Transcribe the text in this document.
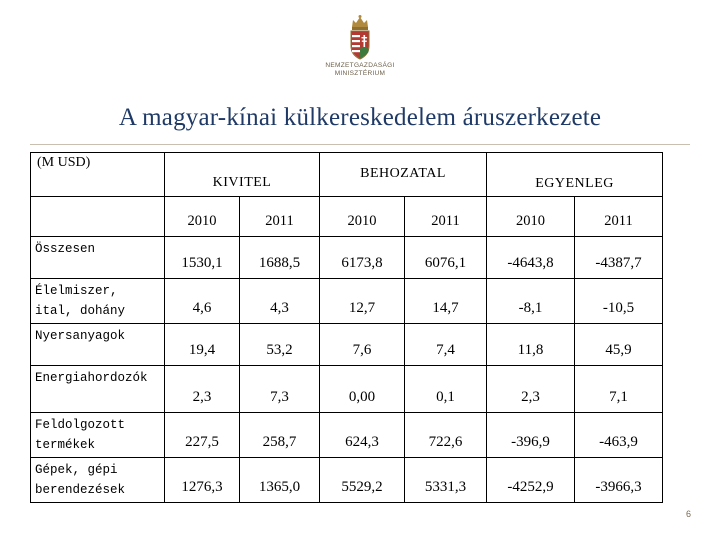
NEMZETGAZDASÁGI
MINISZTÉRIUM
A magyar-kínai külkereskedelem áruszerkezete
(M USD)	KIVITEL		BEHOZATAL		EGYENLEG	
	2010	2011	2010	2011	2010	2011
Összesen	1530,1	1688,5	6173,8	6076,1	-4643,8	-4387,7
Élelmiszer, ital, dohány	4,6	4,3	12,7	14,7	-8,1	-10,5
Nyersanyagok	19,4	53,2	7,6	7,4	11,8	45,9
Energiahordozók	2,3	7,3	0,00	0,1	2,3	7,1
Feldolgozott termékek	227,5	258,7	624,3	722,6	-396,9	-463,9
Gépek, gépi berendezések	1276,3	1365,0	5529,2	5331,3	-4252,9	-3966,3
6
